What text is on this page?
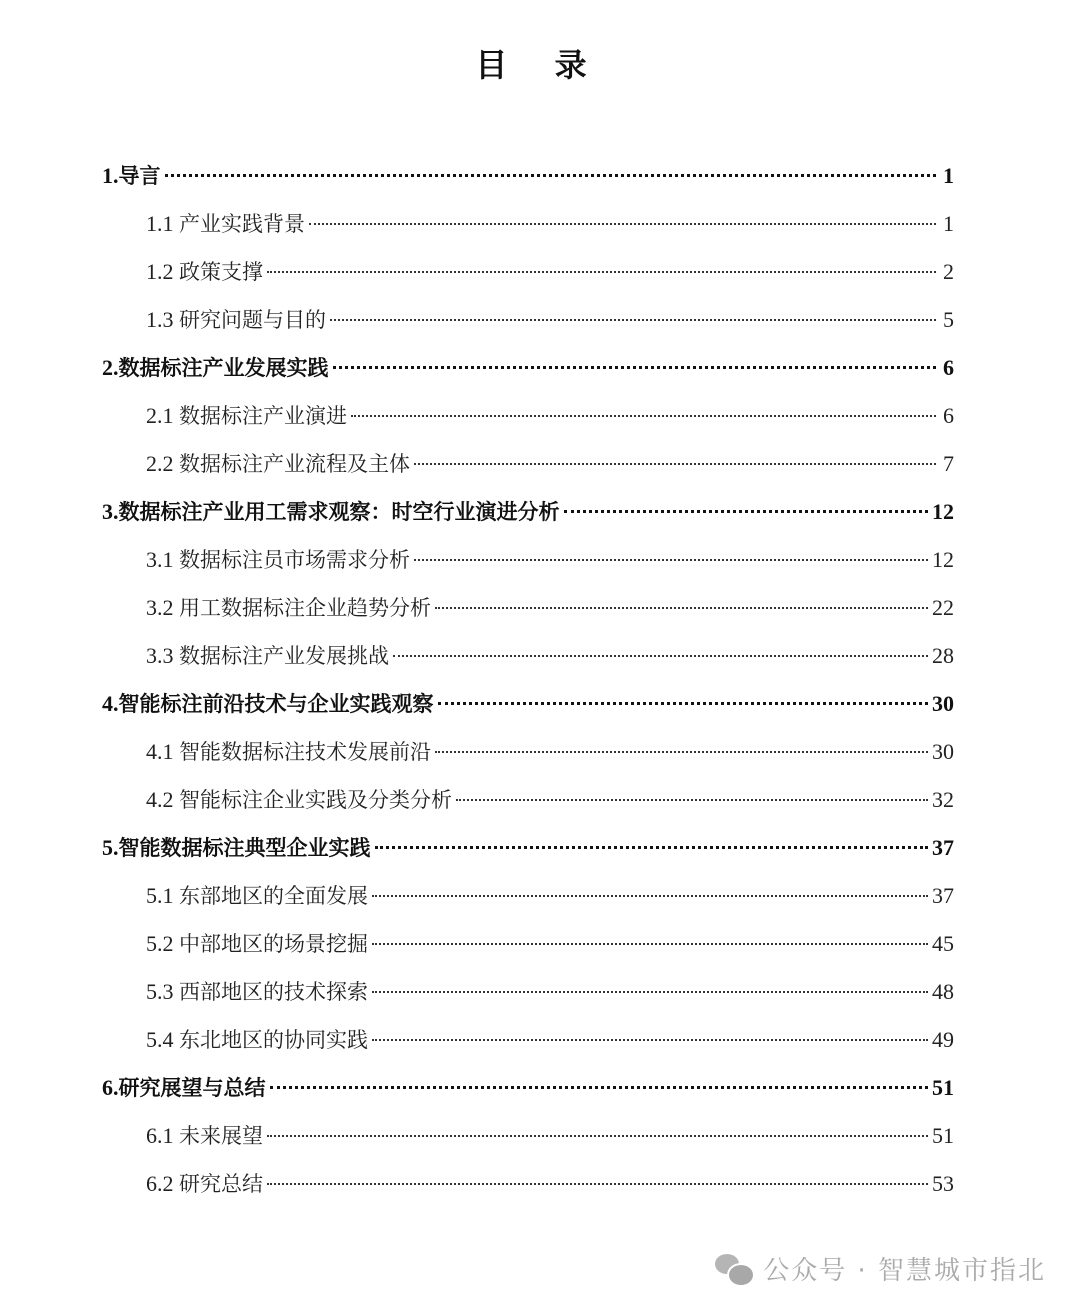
目 录
1.导言	1
1.1 产业实践背景	1
1.2 政策支撑	2
1.3 研究问题与目的	5
2.数据标注产业发展实践	6
2.1 数据标注产业演进	6
2.2 数据标注产业流程及主体	7
3.数据标注产业用工需求观察：时空行业演进分析	12
3.1 数据标注员市场需求分析	12
3.2 用工数据标注企业趋势分析	22
3.3 数据标注产业发展挑战	28
4.智能标注前沿技术与企业实践观察	30
4.1 智能数据标注技术发展前沿	30
4.2 智能标注企业实践及分类分析	32
5.智能数据标注典型企业实践	37
5.1 东部地区的全面发展	37
5.2 中部地区的场景挖掘	45
5.3 西部地区的技术探索	48
5.4 东北地区的协同实践	49
6.研究展望与总结	51
6.1 未来展望	51
6.2 研究总结	53
公众号 · 智慧城市指北
